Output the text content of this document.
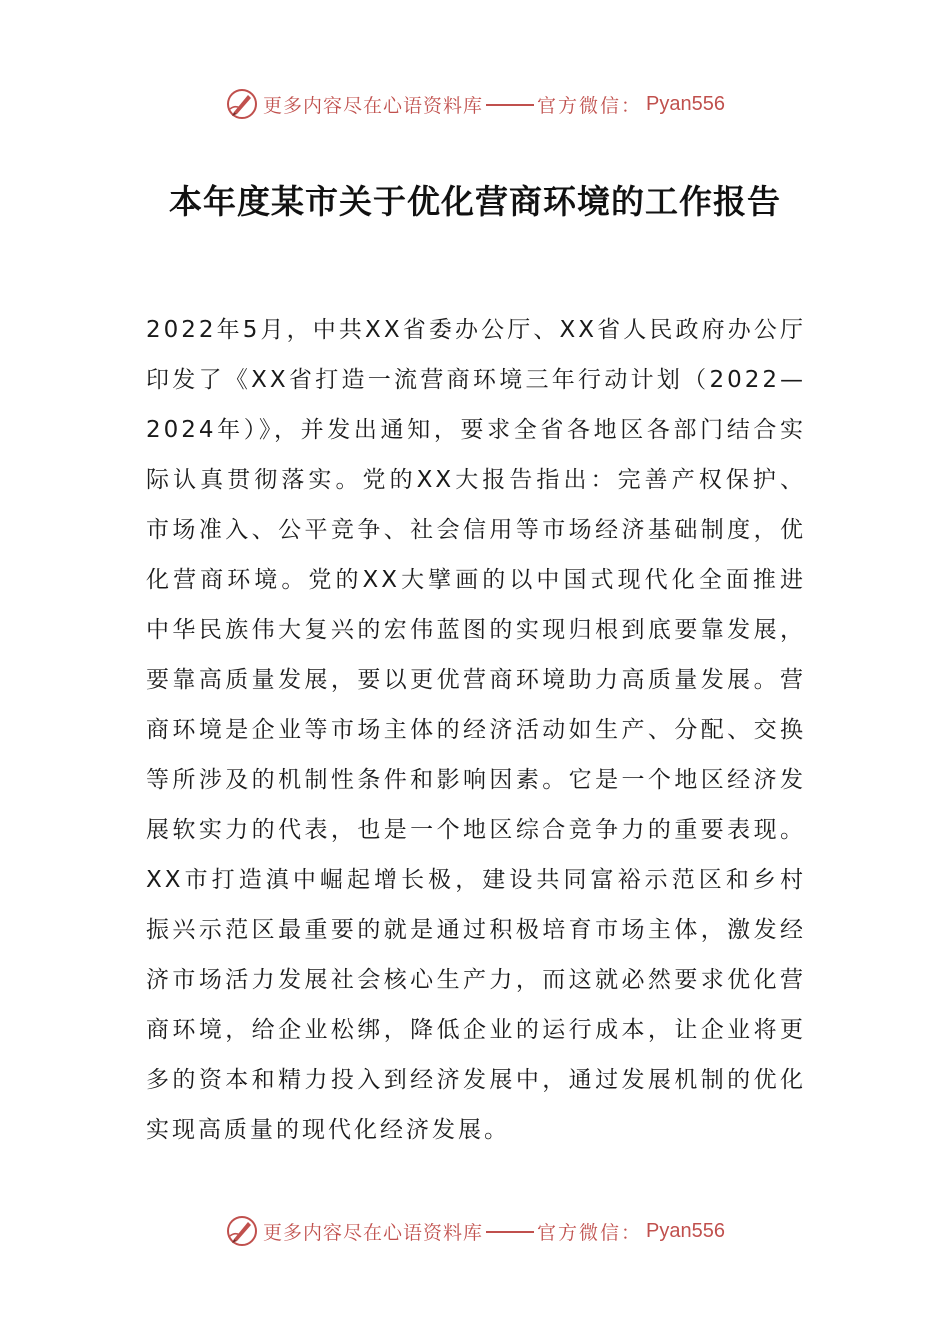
更多内容尽在心语资料库	官方微信： Pyan556
本年度某市关于优化营商环境的工作报告

2022年5月，中共XX省委办公厅、XX省人民政府办公厅印发了《XX省打造一流营商环境三年行动计划（2022—2024年）》，并发出通知，要求全省各地区各部门结合实际认真贯彻落实。党的XX大报告指出：完善产权保护、市场准入、公平竞争、社会信用等市场经济基础制度，优化营商环境。党的XX大擘画的以中国式现代化全面推进中华民族伟大复兴的宏伟蓝图的实现归根到底要靠发展，要靠高质量发展，要以更优营商环境助力高质量发展。营商环境是企业等市场主体的经济活动如生产、分配、交换等所涉及的机制性条件和影响因素。它是一个地区经济发展软实力的代表，也是一个地区综合竞争力的重要表现。XX市打造滇中崛起增长极，建设共同富裕示范区和乡村振兴示范区最重要的就是通过积极培育市场主体，激发经济市场活力发展社会核心生产力，而这就必然要求优化营商环境，给企业松绑，降低企业的运行成本，让企业将更多的资本和精力投入到经济发展中，通过发展机制的优化实现高质量的现代化经济发展。

更多内容尽在心语资料库	官方微信： Pyan556
